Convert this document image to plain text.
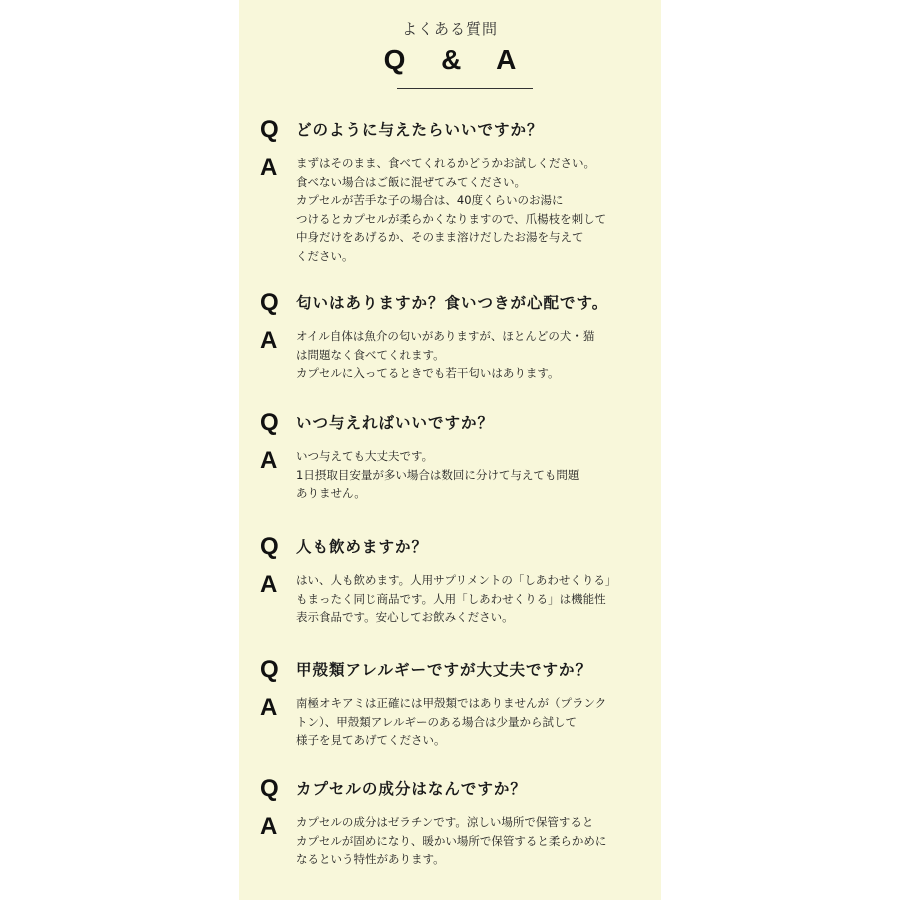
よくある質問
Q & A
Q	どのように与えたらいいですか？
A	まずはそのまま、食べてくれるかどうかお試しください。
食べない場合はご飯に混ぜてみてください。
カプセルが苦手な子の場合は、40度くらいのお湯に
つけるとカプセルが柔らかくなりますので、爪楊枝を刺して
中身だけをあげるか、そのまま溶けだしたお湯を与えて
ください。
Q	匂いはありますか？食いつきが心配です。
A	オイル自体は魚介の匂いがありますが、ほとんどの犬・猫
は問題なく食べてくれます。
カプセルに入ってるときでも若干匂いはあります。
Q	いつ与えればいいですか？
A	いつ与えても大丈夫です。
1日摂取目安量が多い場合は数回に分けて与えても問題
ありません。
Q	人も飲めますか？
A	はい、人も飲めます。人用サプリメントの「しあわせくりる」
もまったく同じ商品です。人用「しあわせくりる」は機能性
表示食品です。安心してお飲みください。
Q	甲殻類アレルギーですが大丈夫ですか？
A	南極オキアミは正確には甲殻類ではありませんが（プランク
トン）、甲殻類アレルギーのある場合は少量から試して
様子を見てあげてください。
Q	カプセルの成分はなんですか？
A	カプセルの成分はゼラチンです。涼しい場所で保管すると
カプセルが固めになり、暖かい場所で保管すると柔らかめに
なるという特性があります。
